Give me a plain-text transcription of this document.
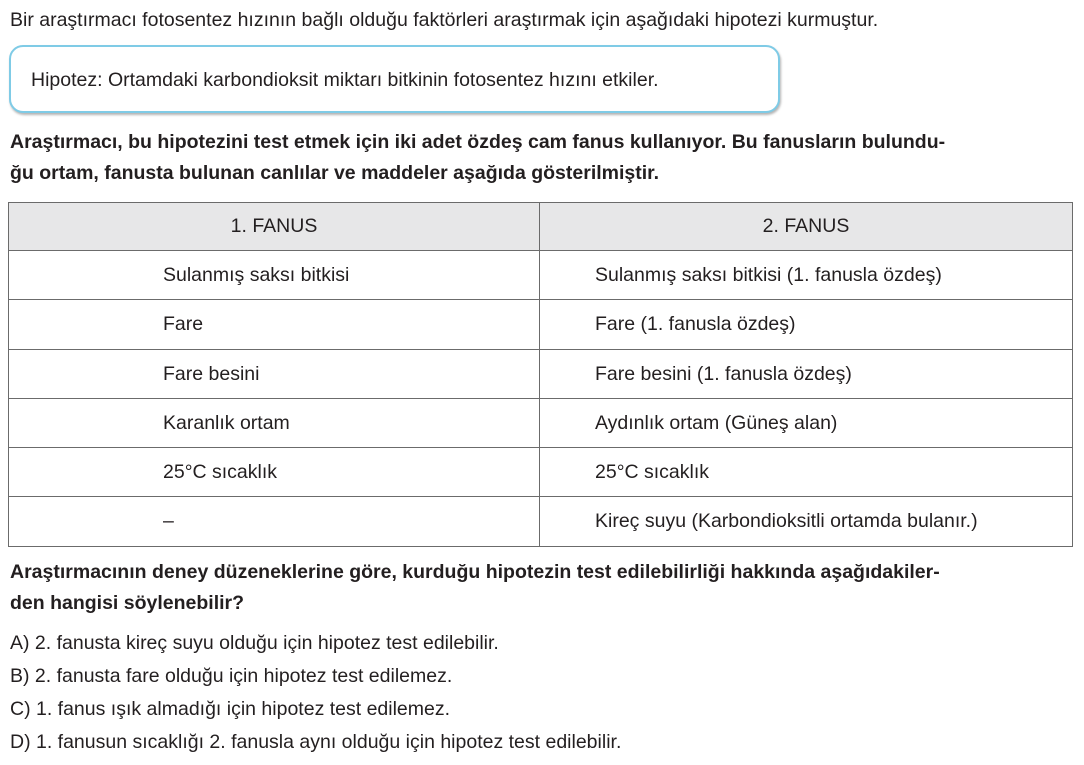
Bir araştırmacı fotosentez hızının bağlı olduğu faktörleri araştırmak için aşağıdaki hipotezi kurmuştur.
Hipotez: Ortamdaki karbondioksit miktarı bitkinin fotosentez hızını etkiler.
Araştırmacı, bu hipotezini test etmek için iki adet özdeş cam fanus kullanıyor. Bu fanusların bulundu-
ğu ortam, fanusta bulunan canlılar ve maddeler aşağıda gösterilmiştir.
1. FANUS	2. FANUS
Sulanmış saksı bitkisi	Sulanmış saksı bitkisi (1. fanusla özdeş)
Fare	Fare (1. fanusla özdeş)
Fare besini	Fare besini (1. fanusla özdeş)
Karanlık ortam	Aydınlık ortam (Güneş alan)
25°C sıcaklık	25°C sıcaklık
–	Kireç suyu (Karbondioksitli ortamda bulanır.)
Araştırmacının deney düzeneklerine göre, kurduğu hipotezin test edilebilirliği hakkında aşağıdakiler-
den hangisi söylenebilir?
A) 2. fanusta kireç suyu olduğu için hipotez test edilebilir.
B) 2. fanusta fare olduğu için hipotez test edilemez.
C) 1. fanus ışık almadığı için hipotez test edilemez.
D) 1. fanusun sıcaklığı 2. fanusla aynı olduğu için hipotez test edilebilir.
